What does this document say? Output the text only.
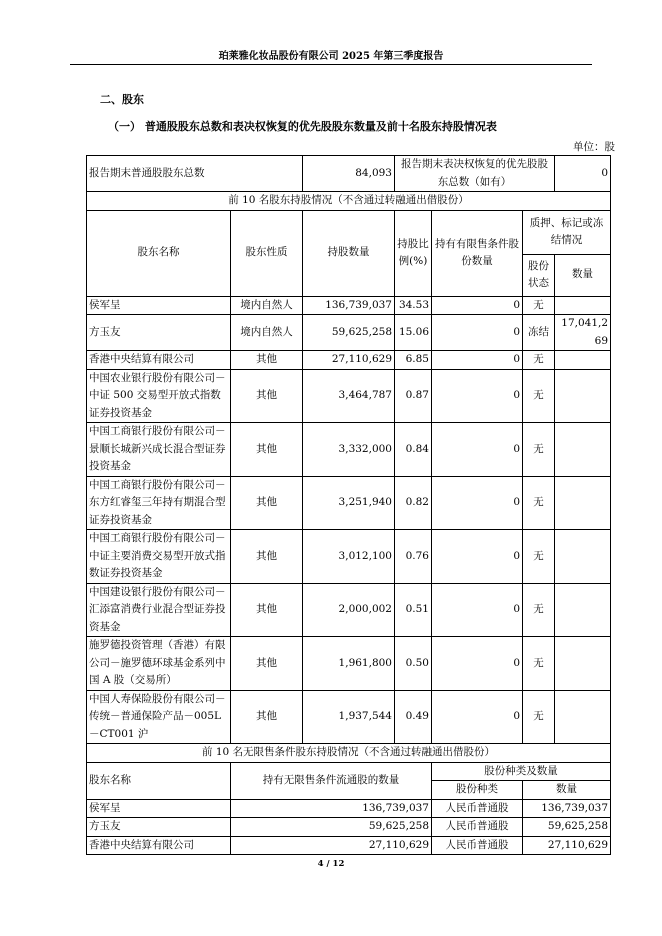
珀莱雅化妆品股份有限公司 2025 年第三季度报告
二、股东
（一） 普通股股东总数和表决权恢复的优先股股东数量及前十名股东持股情况表
单位：股
报告期末普通股股东总数		84,093	报告期末表决权恢复的优先股股东总数（如有）			0
前 10 名股东持股情况（不含通过转融通出借股份）						
股东名称	股东性质	持股数量	持股比例(%)	持有有限售条件股份数量	质押、标记或冻结情况	
					股份状态	数量
侯军呈	境内自然人	136,739,037	34.53	0	无	
方玉友	境内自然人	59,625,258	15.06	0	冻结	17,041,269
香港中央结算有限公司	其他	27,110,629	6.85	0	无	
中国农业银行股份有限公司－中证 500 交易型开放式指数证券投资基金	其他	3,464,787	0.87	0	无	
中国工商银行股份有限公司－景顺长城新兴成长混合型证券投资基金	其他	3,332,000	0.84	0	无	
中国工商银行股份有限公司－东方红睿玺三年持有期混合型证券投资基金	其他	3,251,940	0.82	0	无	
中国工商银行股份有限公司－中证主要消费交易型开放式指数证券投资基金	其他	3,012,100	0.76	0	无	
中国建设银行股份有限公司－汇添富消费行业混合型证券投资基金	其他	2,000,002	0.51	0	无	
施罗德投资管理（香港）有限公司－施罗德环球基金系列中国 A 股（交易所）	其他	1,961,800	0.50	0	无	
中国人寿保险股份有限公司－传统－普通保险产品－005L－CT001 沪	其他	1,937,544	0.49	0	无	
前 10 名无限售条件股东持股情况（不含通过转融通出借股份）						
股东名称	持有无限售条件流通股的数量			股份种类及数量		
				股份种类	数量	
侯军呈	136,739,037			人民币普通股	136,739,037	
方玉友	59,625,258			人民币普通股	59,625,258	
香港中央结算有限公司	27,110,629			人民币普通股	27,110,629	
4 / 12
